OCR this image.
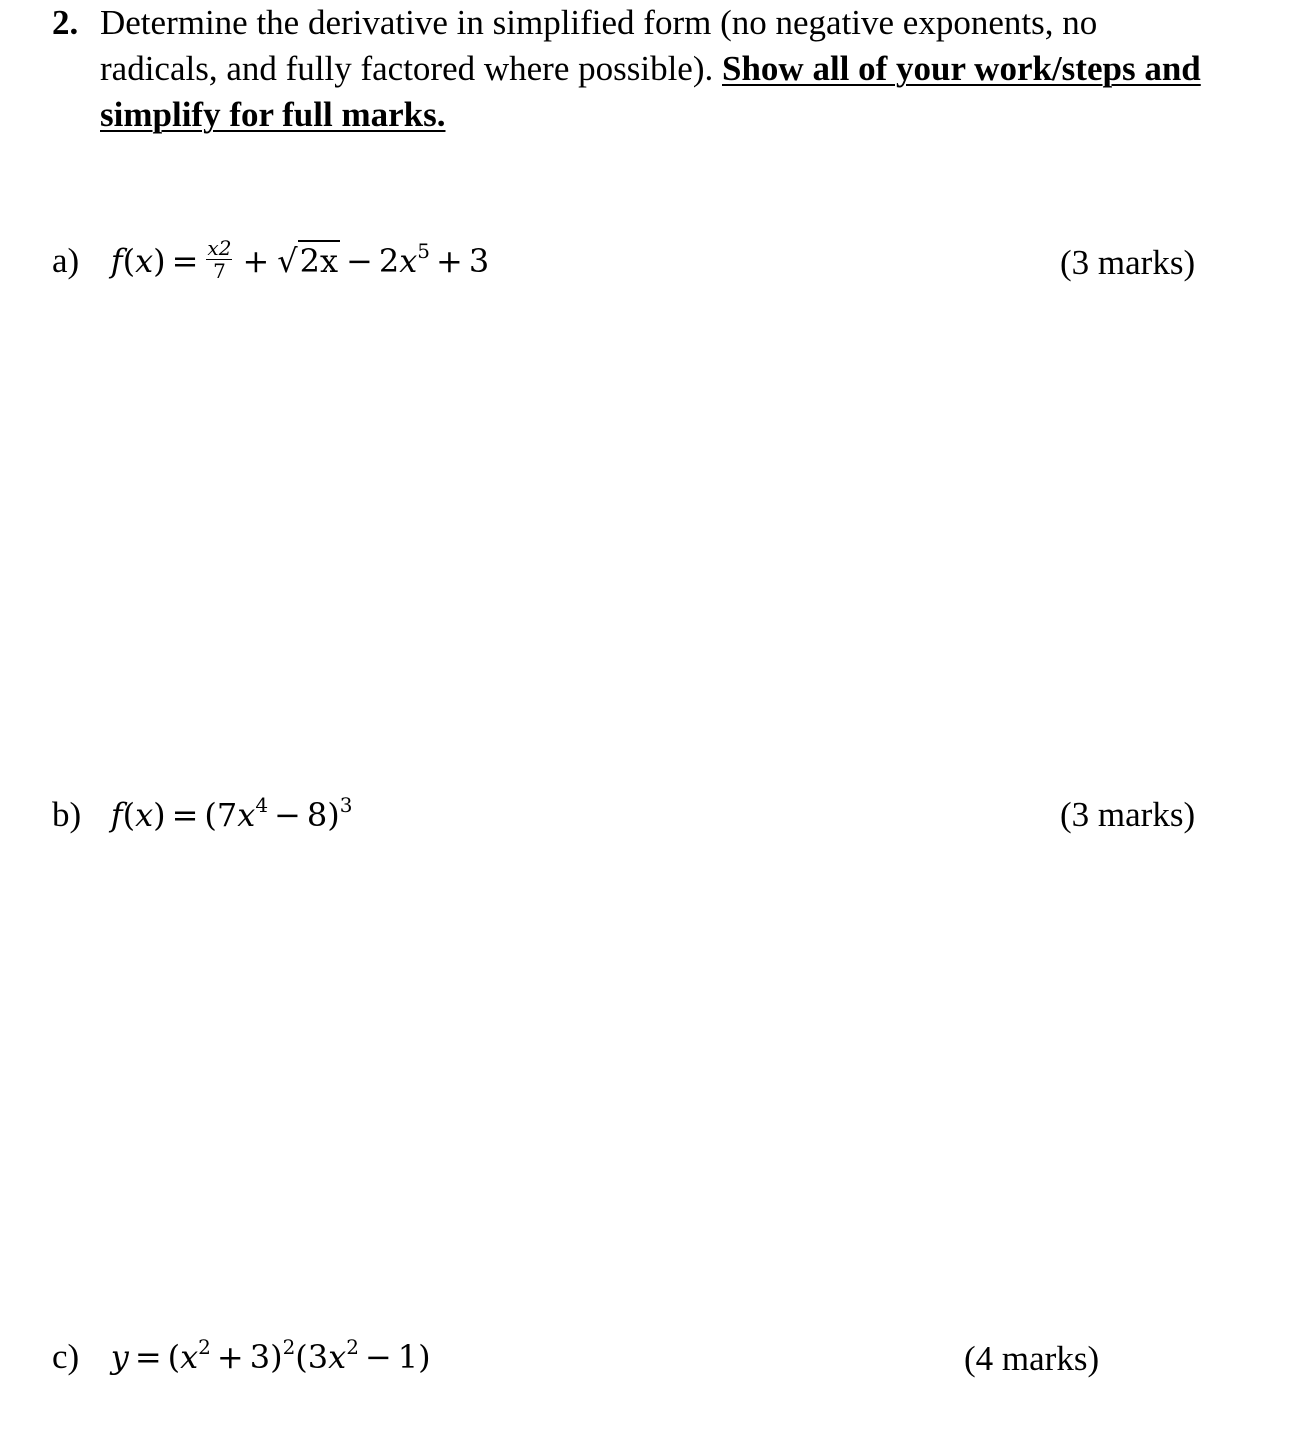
2. Determine the derivative in simplified form (no negative exponents, no radicals, and fully factored where possible). Show all of your work/steps and simplify for full marks.
a) $f(x) = \frac{x2}{7} + √2x - 2x^5 + 3$	(3 marks)
b) $f(x) = (7x^4 - 8)^3$	(3 marks)
c) $y = (x^2 + 3)^2(3x^2 - 1)$	(4 marks)
